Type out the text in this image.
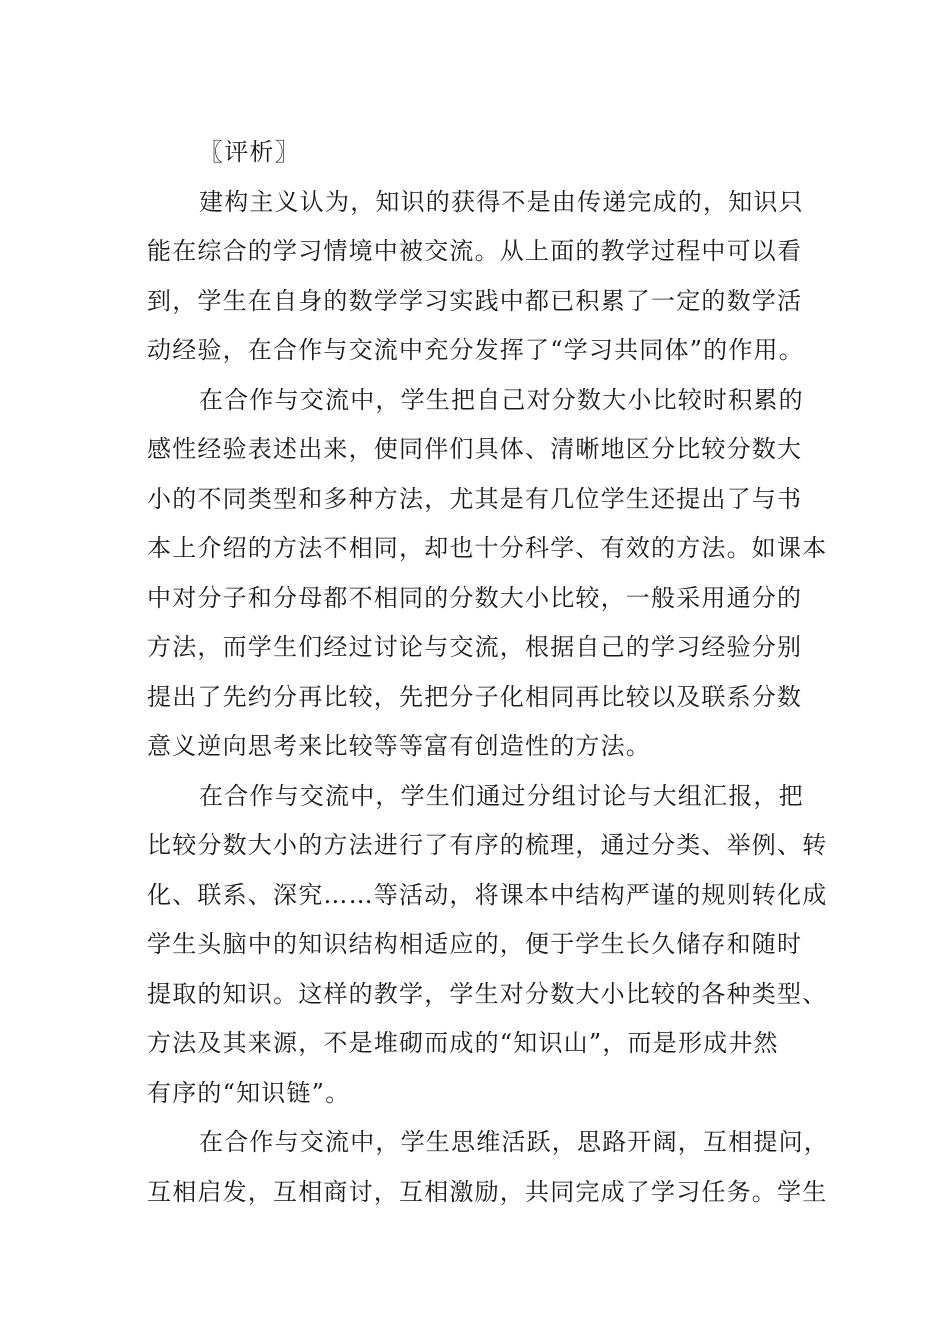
〖评析〗
建构主义认为，知识的获得不是由传递完成的，知识只
能在综合的学习情境中被交流。从上面的教学过程中可以看
到，学生在自身的数学学习实践中都已积累了一定的数学活
动经验，在合作与交流中充分发挥了“学习共同体”的作用。
在合作与交流中，学生把自己对分数大小比较时积累的
感性经验表述出来，使同伴们具体、清晰地区分比较分数大
小的不同类型和多种方法，尤其是有几位学生还提出了与书
本上介绍的方法不相同，却也十分科学、有效的方法。如课本
中对分子和分母都不相同的分数大小比较，一般采用通分的
方法，而学生们经过讨论与交流，根据自己的学习经验分别
提出了先约分再比较，先把分子化相同再比较以及联系分数
意义逆向思考来比较等等富有创造性的方法。
在合作与交流中，学生们通过分组讨论与大组汇报，把
比较分数大小的方法进行了有序的梳理，通过分类、举例、转
化、联系、深究……等活动，将课本中结构严谨的规则转化成
学生头脑中的知识结构相适应的，便于学生长久储存和随时
提取的知识。这样的教学，学生对分数大小比较的各种类型、
方法及其来源，不是堆砌而成的“知识山”，而是形成井然
有序的“知识链”。
在合作与交流中，学生思维活跃，思路开阔，互相提问，
互相启发，互相商讨，互相激励，共同完成了学习任务。学生
